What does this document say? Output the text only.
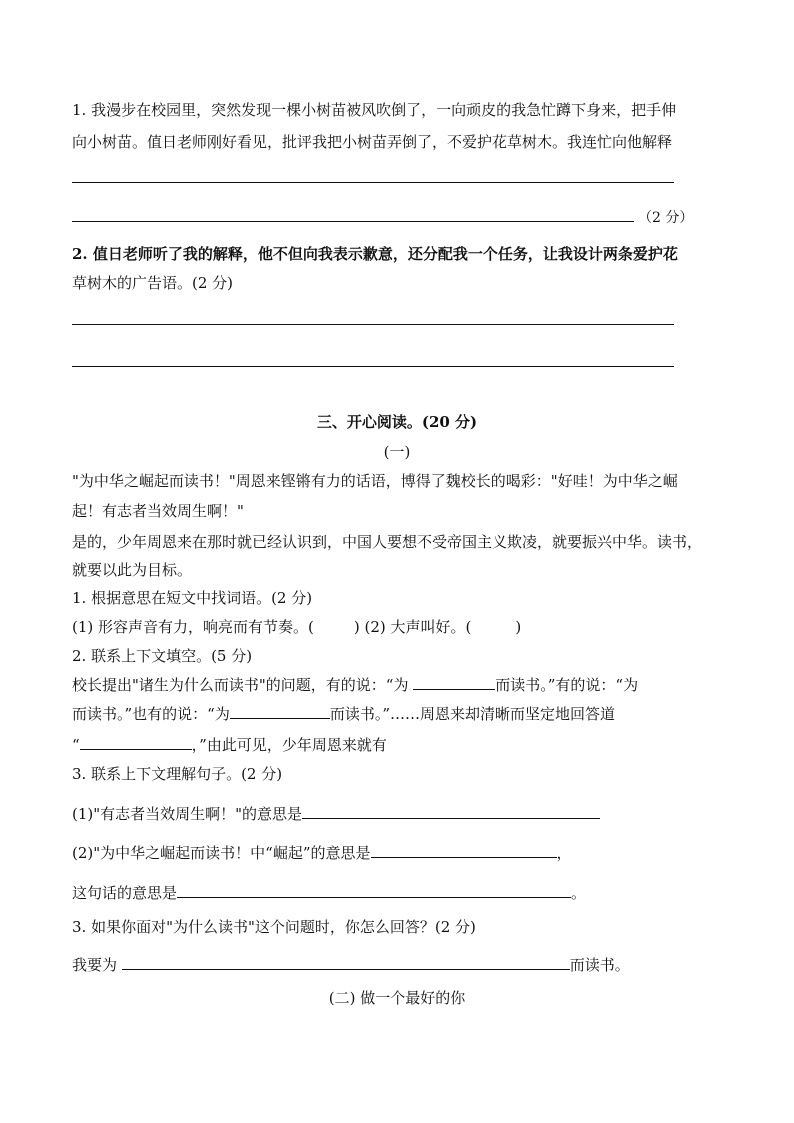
1. 我漫步在校园里，突然发现一棵小树苗被风吹倒了，一向顽皮的我急忙蹲下身来，把手伸
向小树苗。值日老师刚好看见，批评我把小树苗弄倒了，不爱护花草树木。我连忙向他解释
（2 分）
2. 值日老师听了我的解释，他不但向我表示歉意，还分配我一个任务，让我设计两条爱护花
草树木的广告语。(2 分)
三、开心阅读。(20 分)
(一)
"为中华之崛起而读书！"周恩来铿锵有力的话语，博得了魏校长的喝彩："好哇！为中华之崛
起！有志者当效周生啊！"
是的，少年周恩来在那时就已经认识到，中国人要想不受帝国主义欺凌，就要振兴中华。读书，
就要以此为目标。
1. 根据意思在短文中找词语。(2 分)
(1) 形容声音有力，响亮而有节奏。(	) (2) 大声叫好。(	)
2. 联系上下文填空。(5 分)
校长提出"诸生为什么而读书"的问题，有的说：“为	而读书。”有的说：“为
而读书。”也有的说：“为	而读书。”……周恩来却清晰而坚定地回答道
“	，”由此可见，少年周恩来就有
3. 联系上下文理解句子。(2 分)
(1)"有志者当效周生啊！"的意思是
(2)"为中华之崛起而读书！中“崛起”的意思是	，
这句话的意思是	。
3. 如果你面对"为什么读书"这个问题时，你怎么回答？(2 分)
我要为	而读书。
(二) 做一个最好的你
